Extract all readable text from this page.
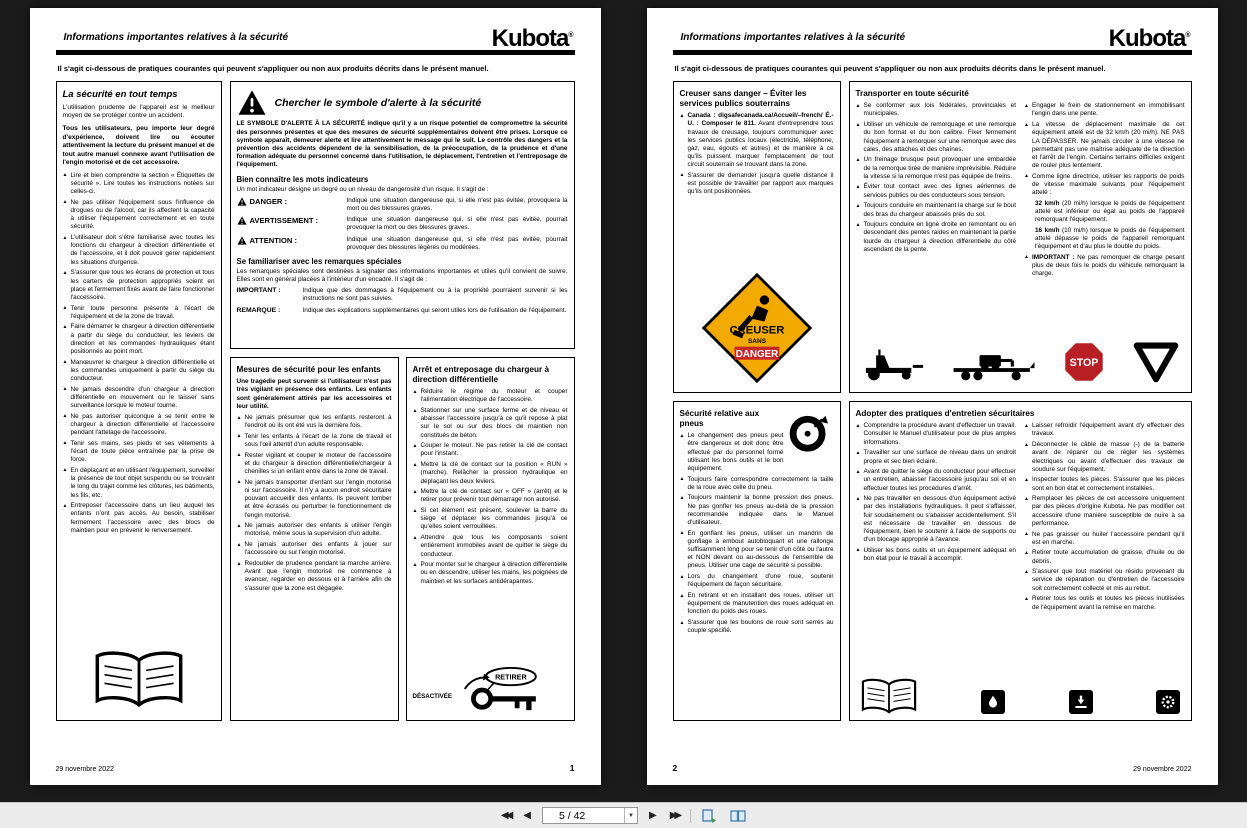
Informations importantes relatives à la sécurité	Kubota®

Il s'agit ci-dessous de pratiques courantes qui peuvent s'appliquer ou non aux produits décrits dans le présent manuel.

La sécurité en tout temps

L'utilisation prudente de l'appareil est le meilleur moyen de se protéger contre un accident.

Tous les utilisateurs, peu importe leur degré d'expérience, doivent lire ou écouter attentivement la lecture du présent manuel et de tout autre manuel connexe avant l'utilisation de l'engin motorisé et de cet accessoire.

▲ Lire et bien comprendre la section « Étiquettes de sécurité ». Lire toutes les instructions notées sur celles-ci.
▲ Ne pas utiliser l'équipement sous l'influence de drogues ou de l'alcool, car ils affectent la capacité à utiliser l'équipement correctement et en toute sécurité.
▲ L'utilisateur doit s'être familiarisé avec toutes les fonctions du chargeur à direction différentielle et de l'accessoire, et il doit pouvoir gérer rapidement les situations d'urgence.
▲ S'assurer que tous les écrans de protection et tous les carters de protection appropriés soient en place et fermement fixés avant de faire fonctionner l'accessoire.
▲ Tenir toute personne présente à l'écart de l'équipement et de la zone de travail.
▲ Faire démarrer le chargeur à direction différentielle à partir du siège du conducteur, les leviers de direction et les commandes hydrauliques étant positionnés au point mort.
▲ Manœuvrer le chargeur à direction différentielle et les commandes uniquement à partir du siège du conducteur.
▲ Ne jamais descendre d'un chargeur à direction différentielle en mouvement ou le laisser sans surveillance lorsque le moteur tourne.
▲ Ne pas autoriser quiconque à se tenir entre le chargeur à direction différentielle et l'accessoire pendant l'attelage de l'accessoire.
▲ Tenir ses mains, ses pieds et ses vêtements à l'écart de toute pièce entraînée par la prise de force.
▲ En déplaçant et en utilisant l'équipement, surveiller la présence de tout objet suspendu ou se trouvant le long du trajet comme les clôtures, les bâtiments, les fils, etc.
▲ Entreposer l'accessoire dans un lieu auquel les enfants n'ont pas accès. Au besoin, stabiliser fermement l'accessoire avec des blocs de maintien pour en prévenir le renversement.
Chercher le symbole d'alerte à la sécurité

LE SYMBOLE D'ALERTE À LA SÉCURITÉ indique qu'il y a un risque potentiel de compromettre la sécurité des personnes présentes et que des mesures de sécurité supplémentaires doivent être prises. Lorsque ce symbole apparaît, demeurer alerte et lire attentivement le message qui le suit. Le contrôle des dangers et la prévention des accidents dépendent de la sensibilisation, de la préoccupation, de la prudence et d'une formation adéquate du personnel concerné dans l'utilisation, le déplacement, l'entretien et l'entreposage de l'équipement.

Bien connaître les mots indicateurs

Un mot indicateur désigne un degré ou un niveau de dangerosité d'un risque. Il s'agit de :

DANGER :	Indique une situation dangereuse qui, si elle n'est pas évitée, provoquera la mort ou des blessures graves.
AVERTISSEMENT :	Indique une situation dangereuse qui, si elle n'est pas évitée, pourrait provoquer la mort ou des blessures graves.
ATTENTION :	Indique une situation dangereuse qui, si elle n'est pas évitée, pourrait provoquer des blessures légères ou modérées.
Se familiariser avec les remarques spéciales

Les remarques spéciales sont destinées à signaler des informations importantes et utiles qu'il convient de suivre. Elles sont en général placées à l'intérieur d'un encadré. Il s'agit de :

IMPORTANT :	Indique que des dommages à l'équipement ou à la propriété pourraient survenir si les instructions ne sont pas suivies.
REMARQUE :	Indique des explications supplémentaires qui seront utiles lors de l'utilisation de l'équipement.
Mesures de sécurité pour les enfants

Une tragédie peut survenir si l'utilisateur n'est pas très vigilant en présence des enfants. Les enfants sont généralement attirés par les accessoires et leur utilité.

▲ Ne jamais présumer que les enfants resteront à l'endroit où ils ont été vus la dernière fois.
▲ Tenir les enfants à l'écart de la zone de travail et sous l'œil attentif d'un adulte responsable.
▲ Rester vigilant et couper le moteur de l'accessoire et du chargeur à direction différentielle/chargeur à chenilles si un enfant entre dans la zone de travail.
▲ Ne jamais transporter d'enfant sur l'engin motorisé ni sur l'accessoire. Il n'y a aucun endroit sécuritaire pouvant accueillir des enfants. Ils peuvent tomber et être écrasés ou perturber le fonctionnement de l'engin motorisé.
▲ Ne jamais autoriser des enfants à utiliser l'engin motorisé, même sous la supervision d'un adulte.
▲ Ne jamais autoriser des enfants à jouer sur l'accessoire ou sur l'engin motorisé.
▲ Redoubler de prudence pendant la marche arrière. Avant que l'engin motorisé ne commence à avancer, regarder en dessous et à l'arrière afin de s'assurer que la zone est dégagée.
Arrêt et entreposage du chargeur à direction différentielle
▲ Réduire le régime du moteur et couper l'alimentation électrique de l'accessoire.
▲ Stationner sur une surface ferme et de niveau et abaisser l'accessoire jusqu'à ce qu'il repose à plat sur le sol ou sur des blocs de maintien non constitués de béton.
▲ Couper le moteur. Ne pas retirer la clé de contact pour l'instant.
▲ Mettre la clé de contact sur la position « RUN » (marche). Relâcher la pression hydraulique en déplaçant les deux leviers.
▲ Mettre la clé de contact sur « OFF » (arrêt) et le retirer pour prévenir tout démarrage non autorisé.
▲ Si cet élément est présent, soulever la barre du siège et déplacer les commandes jusqu'à ce qu'elles soient verrouillées.
▲ Attendre que tous les composants soient entièrement immobiles avant de quitter le siège du conducteur.
▲ Pour monter sur le chargeur à direction différentielle ou en descendre, utiliser les mains, les poignées de maintien et les surfaces antidérapantes.
DÉSACTIVÉE
RETIRER
29 novembre 2022	1
Informations importantes relatives à la sécurité	Kubota®

Il s'agit ci-dessous de pratiques courantes qui peuvent s'appliquer ou non aux produits décrits dans le présent manuel.

Creuser sans danger – Éviter les services publics souterrains
▲ Canada : digsafecanada.ca/Accueil/–french/ É.-U. : Composer le 811. Avant d'entreprendre tous travaux de creusage, toujours communiquer avec les services publics locaux (électricité, téléphone, gaz, eau, égouts et autres) et de manière à ce qu'ils puissent marquer l'emplacement de tout circuit souterrain se trouvant dans la zone.
▲ S'assurer de demander jusqu'à quelle distance il est possible de travailler par rapport aux marques qu'ils ont positionnées.
CREUSER
SANS
DANGER
Sécurité relative aux pneus
▲ Le changement des pneus peut être dangereux et doit donc être effectué par du personnel formé utilisant les bons outils et le bon équipement.
▲ Toujours faire correspondre correctement la taille de la roue avec celle du pneu.
▲ Toujours maintenir la bonne pression des pneus. Ne pas gonfler les pneus au-delà de la pression recommandée indiquée dans le Manuel d'utilisateur.
▲ En gonflant les pneus, utiliser un mandrin de gonflage à embout autobloquant et une rallonge suffisamment long pour se tenir d'un côté ou l'autre et NON devant ou au-dessous de l'ensemble de pneus. Utiliser une cage de sécurité si possible.
▲ Lors du changement d'une roue, soutenir l'équipement de façon sécuritaire.
▲ En retirant et en installant des roues, utiliser un équipement de manutention des roues adéquat en fonction du poids des roues.
▲ S'assurer que les boulons de roue sont serrés au couple spécifié.
Transporter en toute sécurité
▲ Se conformer aux lois fédérales, provinciales et municipales.
▲ Utiliser un véhicule de remorquage et une remorque du bon format et du bon calibre. Fixer fermement l'équipement à remorquer sur une remorque avec des cales, des attaches et des chaînes.
▲ Un freinage brusque peut provoquer une embardée de la remorque tirée de manière imprévisible. Réduire la vitesse si la remorque n'est pas équipée de freins.
▲ Éviter tout contact avec des lignes aériennes de services publics ou des conducteurs sous tension.
▲ Toujours conduire en maintenant la charge sur le bout des bras du chargeur abaissés près du sol.
▲ Toujours conduire en ligne droite en remontant ou en descendant des pentes raides en maintenant la partie lourde du chargeur à direction différentielle du côté ascendant de la pente.
▲ Engager le frein de stationnement en immobilisant l'engin dans une pente.
▲ La vitesse de déplacement maximale de cet équipement attelé est de 32 km/h (20 mi/h). NE PAS LA DÉPASSER. Ne jamais circuler à une vitesse ne permettant pas une maîtrise adéquate de la direction et l'arrêt de l'engin. Certains terrains difficiles exigent de rouler plus lentement.
▲ Comme ligne directrice, utiliser les rapports de poids de vitesse maximale suivants pour l'équipement attelé :
32 km/h (20 mi/h) lorsque le poids de l'équipement attelé est inférieur ou égal au poids de l'appareil remorquant l'équipement.
16 km/h (10 mi/h) lorsque le poids de l'équipement attelé dépasse le poids de l'appareil remorquant l'équipement et d'au plus le double du poids.
▲ IMPORTANT : Ne pas remorquer de charge pesant plus de deux fois le poids du véhicule remorquant la charge.
STOP
Adopter des pratiques d'entretien sécuritaires
▲ Comprendre la procédure avant d'effectuer un travail. Consulter le Manuel d'utilisateur pour de plus amples informations.
▲ Travailler sur une surface de niveau dans un endroit propre et sec bien éclairé.
▲ Avant de quitter le siège du conducteur pour effectuer un entretien, abaisser l'accessoire jusqu'au sol et en effectuer toutes les procédures d'arrêt.
▲ Ne pas travailler en dessous d'un équipement activé par des installations hydrauliques. Il peut s'affaisser, fuir soudainement ou s'abaisser accidentellement. S'il est nécessaire de travailler en dessous de l'équipement, bien le soutenir à l'aide de supports ou d'un blocage approprié à l'avance.
▲ Utiliser les bons outils et un équipement adéquat en bon état pour le travail à accomplir.
▲ Laisser refroidir l'équipement avant d'y effectuer des travaux.
▲ Déconnecter le câble de masse (-) de la batterie avant de réparer ou de régler les systèmes électriques ou avant d'effectuer des travaux de soudure sur l'équipement.
▲ Inspecter toutes les pièces. S'assurer que les pièces sont en bon état et correctement installées.
▲ Remplacer les pièces de cet accessoire uniquement par des pièces d'origine Kubota. Ne pas modifier cet accessoire d'une manière susceptible de nuire à sa performance.
▲ Ne pas graisser ou huiler l'accessoire pendant qu'il est en marche.
▲ Retirer toute accumulation de graisse, d'huile ou de débris.
▲ S'assurer que tout matériel ou résidu provenant du service de réparation ou d'entretien de l'accessoire soit correctement collecté et mis au rebut.
▲ Retirer tous les outils et toutes les pièces inutilisées de l'équipement avant la remise en marche.
2	29 novembre 2022
◀◀ ◀	5 / 42	▼	▶ ▶▶
